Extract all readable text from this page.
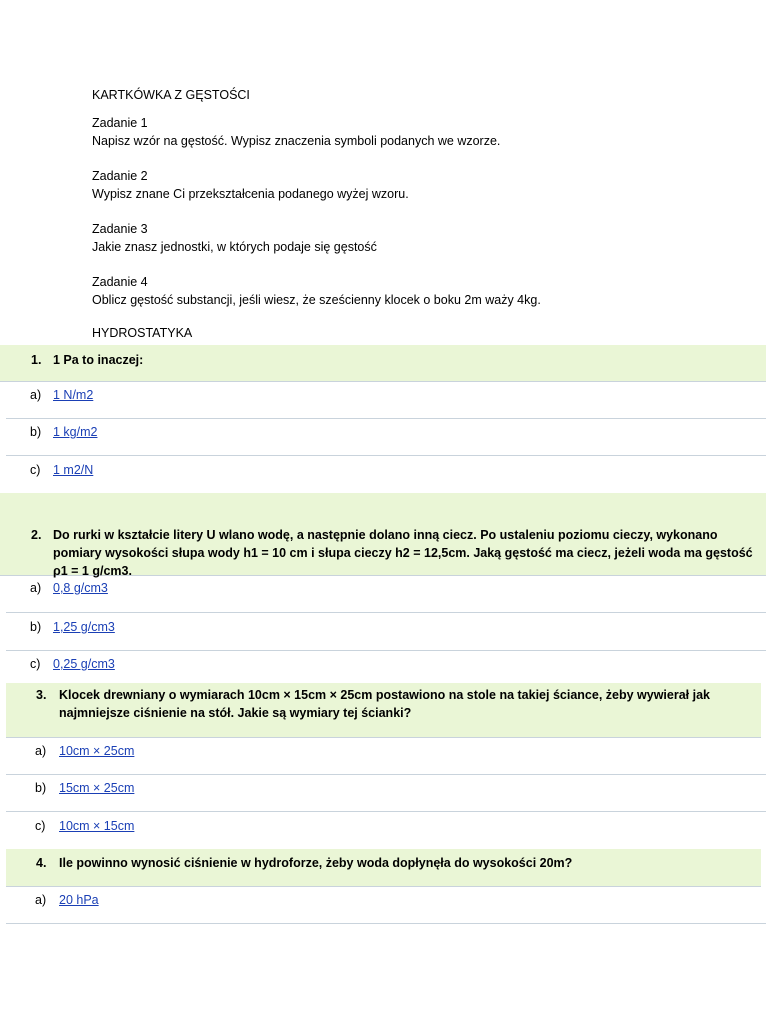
KARTKÓWKA Z GĘSTOŚCI
Zadanie 1
Napisz wzór na gęstość. Wypisz znaczenia symboli podanych we wzorze.
Zadanie 2
Wypisz znane Ci przekształcenia podanego wyżej wzoru.
Zadanie 3
Jakie znasz jednostki, w których podaje się gęstość
Zadanie 4
Oblicz gęstość substancji, jeśli wiesz, że sześcienny klocek o boku 2m waży 4kg.
HYDROSTATYKA
1. 1 Pa to inaczej:
a) 1 N/m2
b) 1 kg/m2
c) 1 m2/N
2. Do rurki w kształcie litery U wlano wodę, a następnie dolano inną ciecz. Po ustaleniu poziomu cieczy, wykonano pomiary wysokości słupa wody h1 = 10 cm i słupa cieczy h2 = 12,5cm. Jaką gęstość ma ciecz, jeżeli woda ma gęstość ρ1 = 1 g/cm3.
a) 0,8 g/cm3
b) 1,25 g/cm3
c) 0,25 g/cm3
3. Klocek drewniany o wymiarach 10cm × 15cm × 25cm postawiono na stole na takiej ściance, żeby wywierał jak najmniejsze ciśnienie na stół. Jakie są wymiary tej ścianki?
a) 10cm × 25cm
b) 15cm × 25cm
c) 10cm × 15cm
4. Ile powinno wynosić ciśnienie w hydroforze, żeby woda dopłynęła do wysokości 20m?
a) 20 hPa
